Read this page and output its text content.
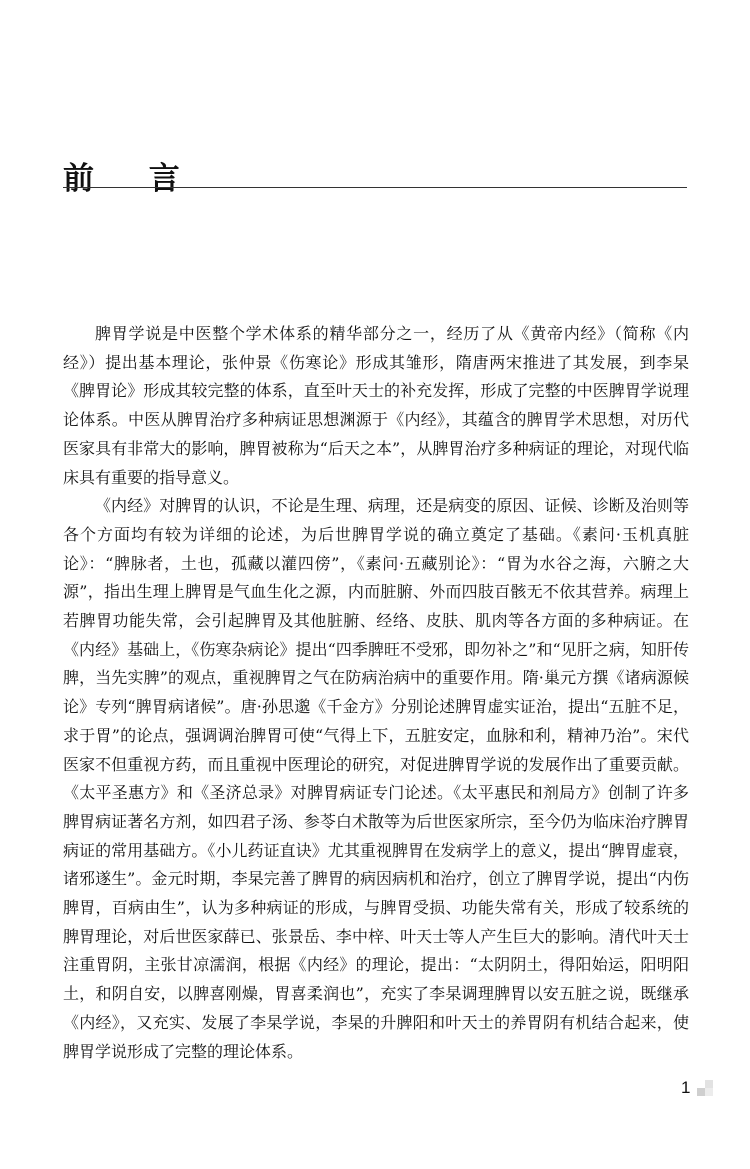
前 言

脾胃学说是中医整个学术体系的精华部分之一，经历了从《黄帝内经》（简称《内经》）提出基本理论，张仲景《伤寒论》形成其雏形，隋唐两宋推进了其发展，到李杲《脾胃论》形成其较完整的体系，直至叶天士的补充发挥，形成了完整的中医脾胃学说理论体系。中医从脾胃治疗多种病证思想渊源于《内经》，其蕴含的脾胃学术思想，对历代医家具有非常大的影响，脾胃被称为“后天之本”，从脾胃治疗多种病证的理论，对现代临床具有重要的指导意义。

《内经》对脾胃的认识，不论是生理、病理，还是病变的原因、证候、诊断及治则等各个方面均有较为详细的论述，为后世脾胃学说的确立奠定了基础。《素问·玉机真脏论》：“脾脉者，土也，孤藏以灌四傍”，《素问·五藏别论》：“胃为水谷之海，六腑之大源”，指出生理上脾胃是气血生化之源，内而脏腑、外而四肢百骸无不依其营养。病理上若脾胃功能失常，会引起脾胃及其他脏腑、经络、皮肤、肌肉等各方面的多种病证。在《内经》基础上，《伤寒杂病论》提出“四季脾旺不受邪，即勿补之”和“见肝之病，知肝传脾，当先实脾”的观点，重视脾胃之气在防病治病中的重要作用。隋·巢元方撰《诸病源候论》专列“脾胃病诸候”。唐·孙思邈《千金方》分别论述脾胃虚实证治，提出“五脏不足，求于胃”的论点，强调调治脾胃可使“气得上下，五脏安定，血脉和利，精神乃治”。宋代医家不但重视方药，而且重视中医理论的研究，对促进脾胃学说的发展作出了重要贡献。《太平圣惠方》和《圣济总录》对脾胃病证专门论述。《太平惠民和剂局方》创制了许多脾胃病证著名方剂，如四君子汤、参苓白术散等为后世医家所宗，至今仍为临床治疗脾胃病证的常用基础方。《小儿药证直诀》尤其重视脾胃在发病学上的意义，提出“脾胃虚衰，诸邪遂生”。金元时期，李杲完善了脾胃的病因病机和治疗，创立了脾胃学说，提出“内伤脾胃，百病由生”，认为多种病证的形成，与脾胃受损、功能失常有关，形成了较系统的脾胃理论，对后世医家薛已、张景岳、李中梓、叶天士等人产生巨大的影响。清代叶天士注重胃阴，主张甘凉濡润，根据《内经》的理论，提出：“太阴阴土，得阳始运，阳明阳土，和阴自安，以脾喜刚燥，胃喜柔润也”，充实了李杲调理脾胃以安五脏之说，既继承《内经》，又充实、发展了李杲学说，李杲的升脾阳和叶天士的养胃阴有机结合起来，使脾胃学说形成了完整的理论体系。

1
